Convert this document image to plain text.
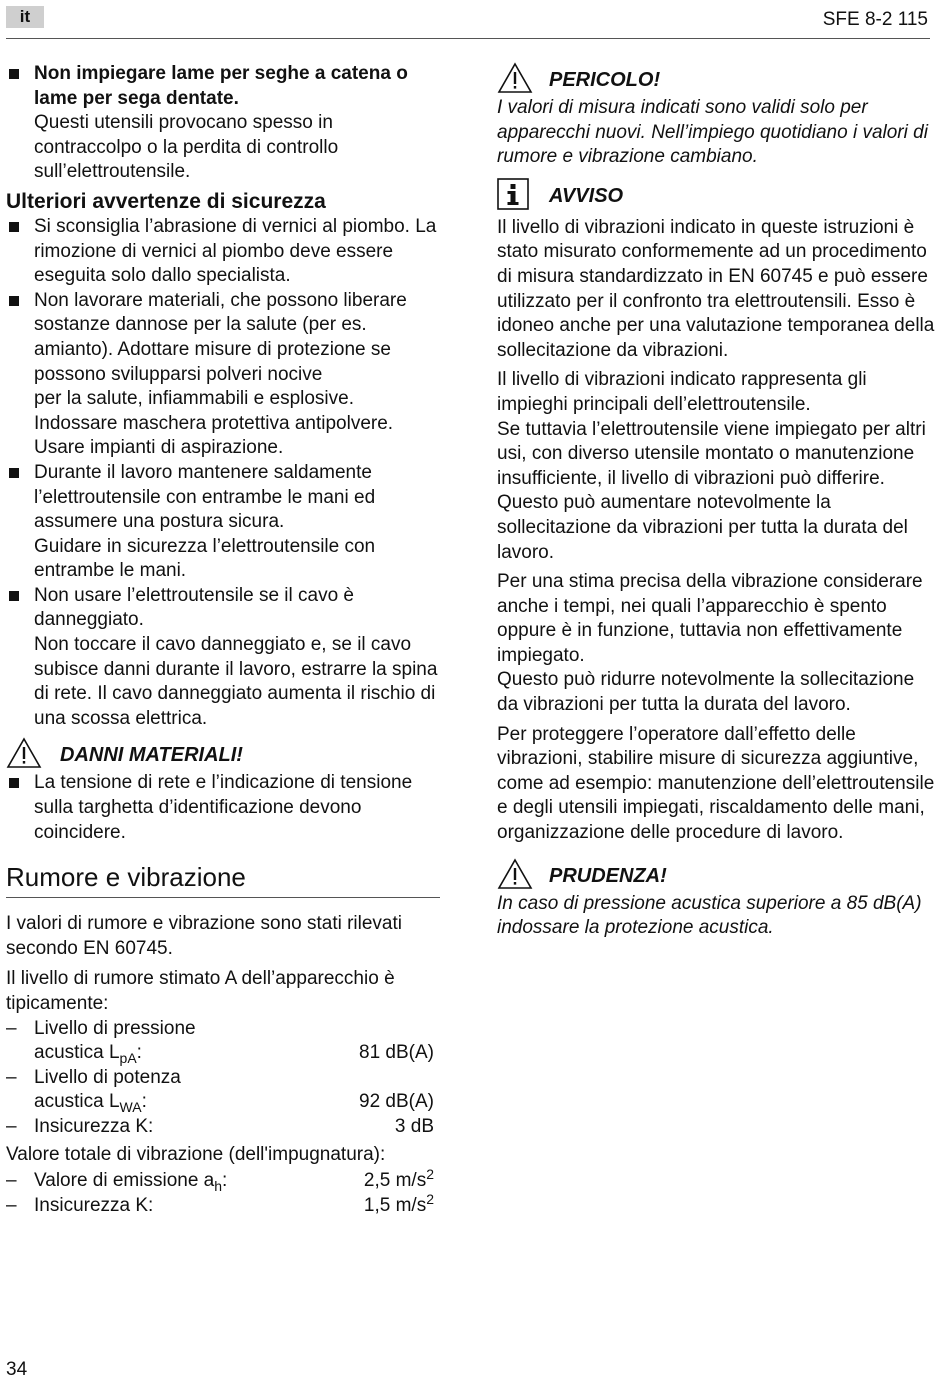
it	SFE 8-2 115
Non impiegare lame per seghe a catena o lame per sega dentate.
Questi utensili provocano spesso in contraccolpo o la perdita di controllo sull’elettroutensile.
Ulteriori avvertenze di sicurezza
Si sconsiglia l’abrasione di vernici al piombo. La rimozione di vernici al piombo deve essere eseguita solo dallo specialista.
Non lavorare materiali, che possono liberare sostanze dannose per la salute (per es. amianto). Adottare misure di protezione se possono svilupparsi polveri nocive
per la salute, infiammabili e esplosive.
Indossare maschera protettiva antipolvere. Usare impianti di aspirazione.
Durante il lavoro mantenere saldamente l’elettroutensile con entrambe le mani ed assumere una postura sicura.
Guidare in sicurezza l’elettroutensile con entrambe le mani.
Non usare l’elettroutensile se il cavo è danneggiato.
Non toccare il cavo danneggiato e, se il cavo subisce danni durante il lavoro, estrarre la spina di rete. Il cavo danneggiato aumenta il rischio di una scossa elettrica.
DANNI MATERIALI!
La tensione di rete e l’indicazione di tensione sulla targhetta d’identificazione devono coincidere.
Rumore e vibrazione
I valori di rumore e vibrazione sono stati rilevati secondo EN 60745.
Il livello di rumore stimato A dell’apparecchio è tipicamente:
– Livello di pressione
acustica $L_{pA}$:	81 dB(A)
– Livello di potenza
acustica $L_{WA}$:	92 dB(A)
– Insicurezza K:	3 dB
Valore totale di vibrazione (dell'impugnatura):
– Valore di emissione $a_h$:	2,5 $m/s^2$
– Insicurezza K:	1,5 $m/s^2$
PERICOLO!
I valori di misura indicati sono validi solo per apparecchi nuovi. Nell’impiego quotidiano i valori di rumore e vibrazione cambiano.
AVVISO
Il livello di vibrazioni indicato in queste istruzioni è stato misurato conformemente ad un procedimento di misura standardizzato in EN 60745 e può essere utilizzato per il confronto tra elettroutensili. Esso è idoneo anche per una valutazione temporanea della sollecitazione da vibrazioni.
Il livello di vibrazioni indicato rappresenta gli impieghi principali dell’elettroutensile.
Se tuttavia l’elettroutensile viene impiegato per altri usi, con diverso utensile montato o manutenzione insufficiente, il livello di vibrazioni può differire. Questo può aumentare notevolmente la sollecitazione da vibrazioni per tutta la durata del lavoro.
Per una stima precisa della vibrazione considerare anche i tempi, nei quali l’apparecchio è spento oppure è in funzione, tuttavia non effettivamente impiegato.
Questo può ridurre notevolmente la sollecitazione da vibrazioni per tutta la durata del lavoro.
Per proteggere l’operatore dall’effetto delle vibrazioni, stabilire misure di sicurezza aggiuntive, come ad esempio: manutenzione dell’elettroutensile e degli utensili impiegati, riscaldamento delle mani, organizzazione delle procedure di lavoro.
PRUDENZA!
In caso di pressione acustica superiore a 85 dB(A) indossare la protezione acustica.
34
